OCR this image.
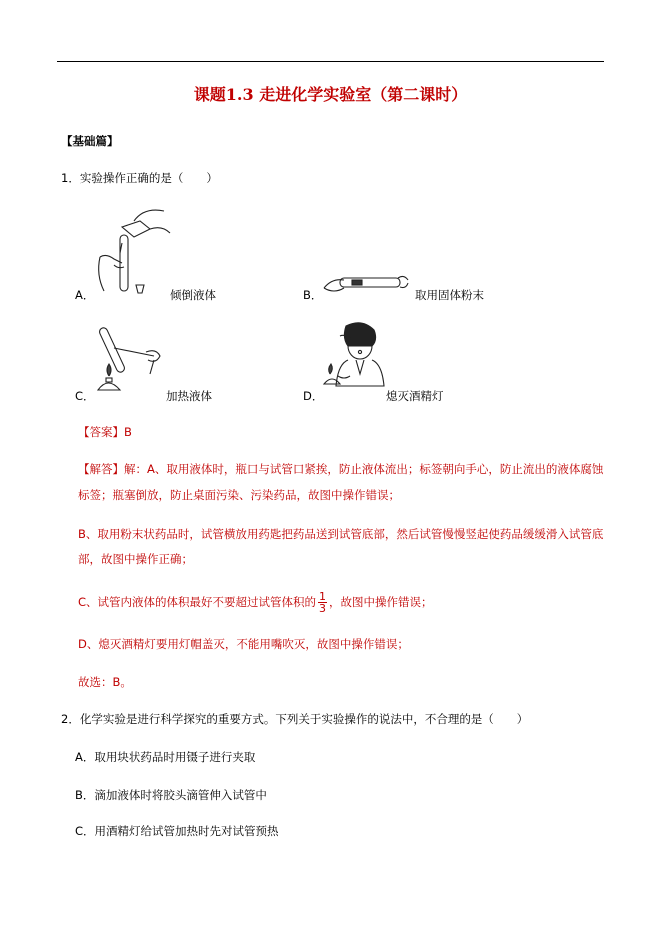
课题1.3 走进化学实验室（第二课时）
【基础篇】
1．实验操作正确的是（　　）
A．	倾倒液体	B．	取用固体粉末
C．	加热液体	D．	熄灭酒精灯
【答案】B
【解答】解：A、取用液体时，瓶口与试管口紧挨，防止液体流出；标签朝向手心，防止流出的液体腐蚀
标签；瓶塞倒放，防止桌面污染、污染药品，故图中操作错误；
B、取用粉末状药品时，试管横放用药匙把药品送到试管底部，然后试管慢慢竖起使药品缓缓滑入试管底
部，故图中操作正确；
C、试管内液体的体积最好不要超过试管体积的 $\frac{1}{3}$ ，故图中操作错误；
D、熄灭酒精灯要用灯帽盖灭，不能用嘴吹灭，故图中操作错误；
故选：B。
2．化学实验是进行科学探究的重要方式。下列关于实验操作的说法中，不合理的是（　　）
A．取用块状药品时用镊子进行夹取
B．滴加液体时将胶头滴管伸入试管中
C．用酒精灯给试管加热时先对试管预热
